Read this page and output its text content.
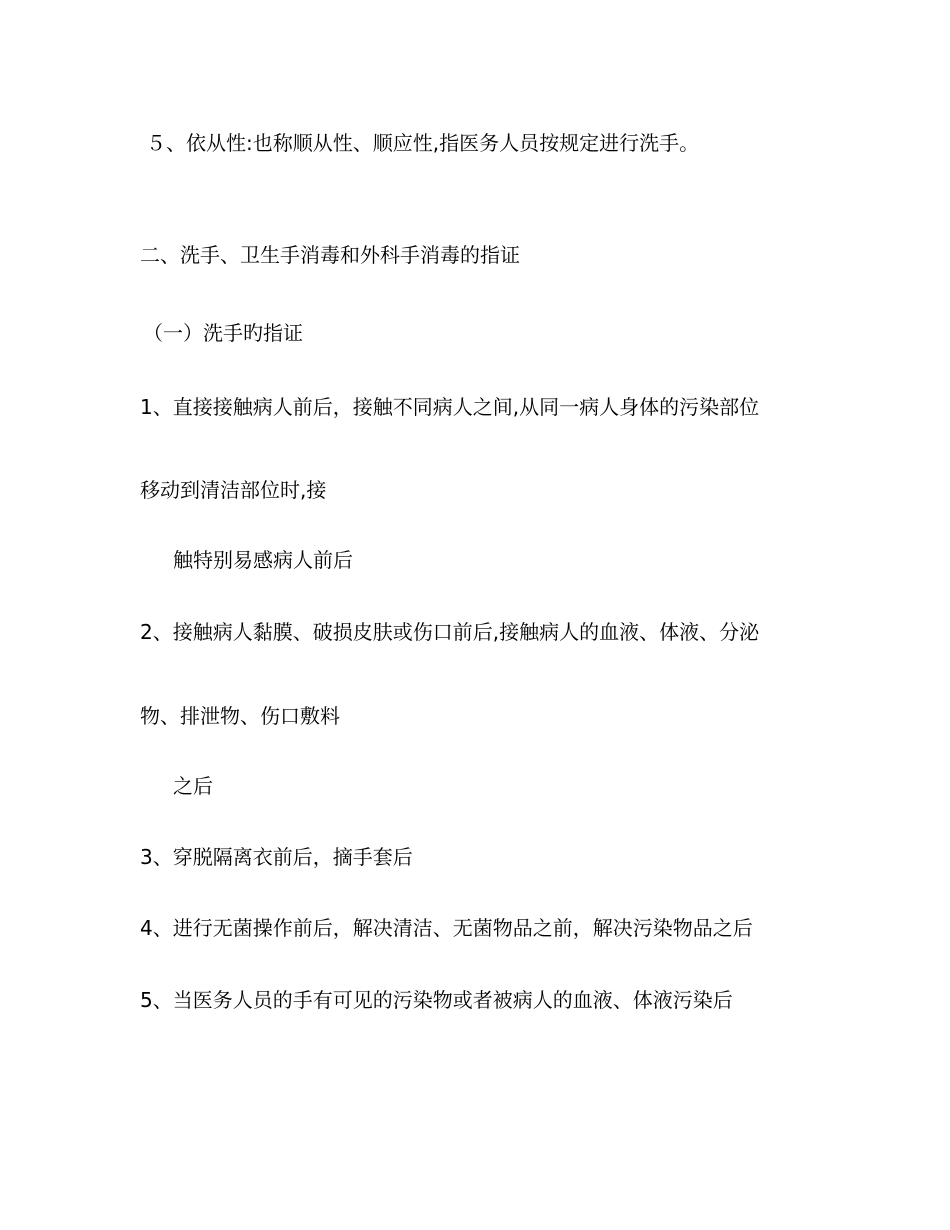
５、依从性:也称顺从性、顺应性,指医务人员按规定进行洗手。

二、洗手、卫生手消毒和外科手消毒的指证

（一）洗手旳指证

1、直接接触病人前后，接触不同病人之间,从同一病人身体的污染部位

移动到清洁部位时,接

触特别易感病人前后

2、接触病人黏膜、破损皮肤或伤口前后,接触病人的血液、体液、分泌

物、排泄物、伤口敷料

之后

3、穿脱隔离衣前后，摘手套后

4、进行无菌操作前后，解决清洁、无菌物品之前，解决污染物品之后

5、当医务人员的手有可见的污染物或者被病人的血液、体液污染后
